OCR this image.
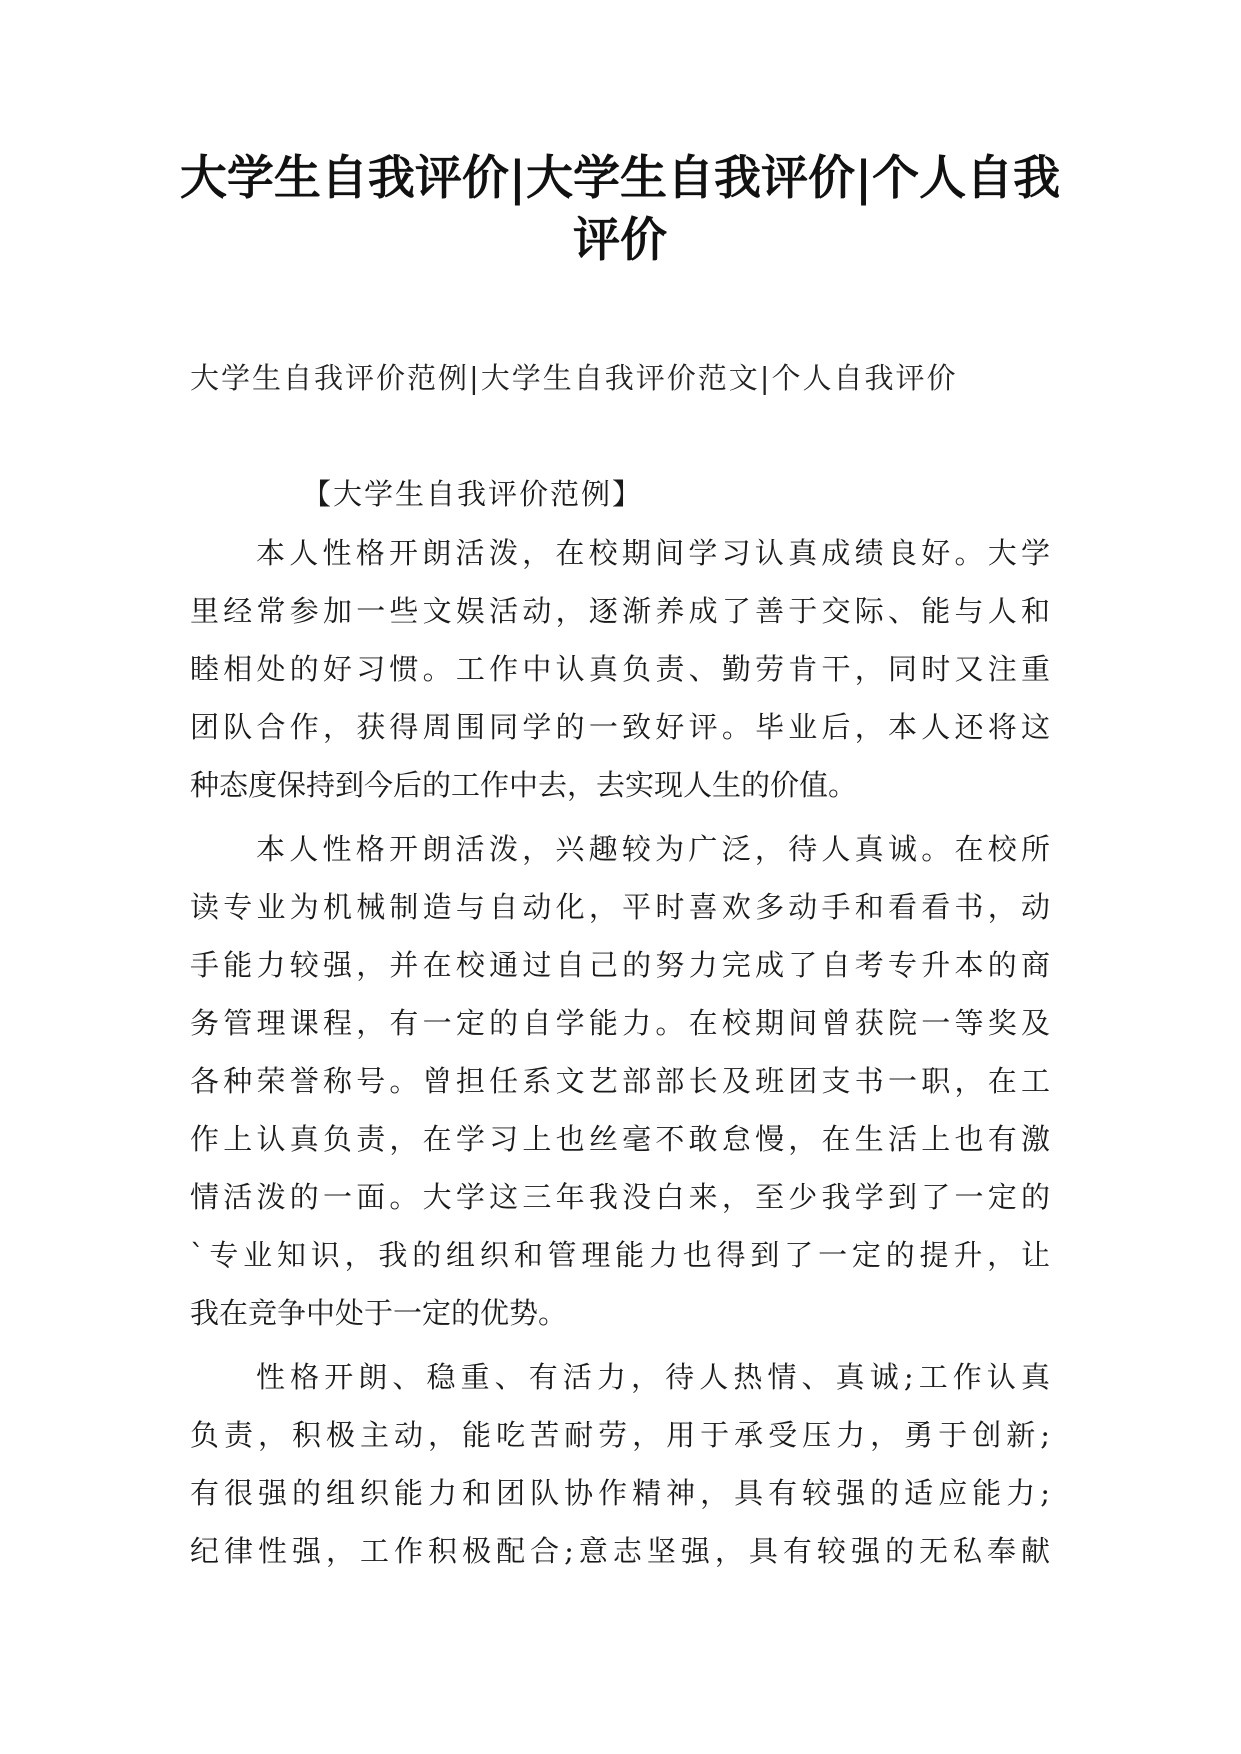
大学生自我评价|大学生自我评价|个人自我评价

大学生自我评价范例|大学生自我评价范文|个人自我评价

【大学生自我评价范例】

本人性格开朗活泼，在校期间学习认真成绩良好。大学
里经常参加一些文娱活动，逐渐养成了善于交际、能与人和
睦相处的好习惯。工作中认真负责、勤劳肯干，同时又注重
团队合作，获得周围同学的一致好评。毕业后，本人还将这
种态度保持到今后的工作中去，去实现人生的价值。

本人性格开朗活泼，兴趣较为广泛，待人真诚。在校所
读专业为机械制造与自动化，平时喜欢多动手和看看书，动
手能力较强，并在校通过自己的努力完成了自考专升本的商
务管理课程，有一定的自学能力。在校期间曾获院一等奖及
各种荣誉称号。曾担任系文艺部部长及班团支书一职，在工
作上认真负责，在学习上也丝毫不敢怠慢，在生活上也有激
情活泼的一面。大学这三年我没白来，至少我学到了一定的
`专业知识，我的组织和管理能力也得到了一定的提升，让
我在竞争中处于一定的优势。

性格开朗、稳重、有活力，待人热情、真诚;工作认真
负责，积极主动，能吃苦耐劳，用于承受压力，勇于创新;
有很强的组织能力和团队协作精神，具有较强的适应能力;
纪律性强，工作积极配合;意志坚强，具有较强的无私奉献
